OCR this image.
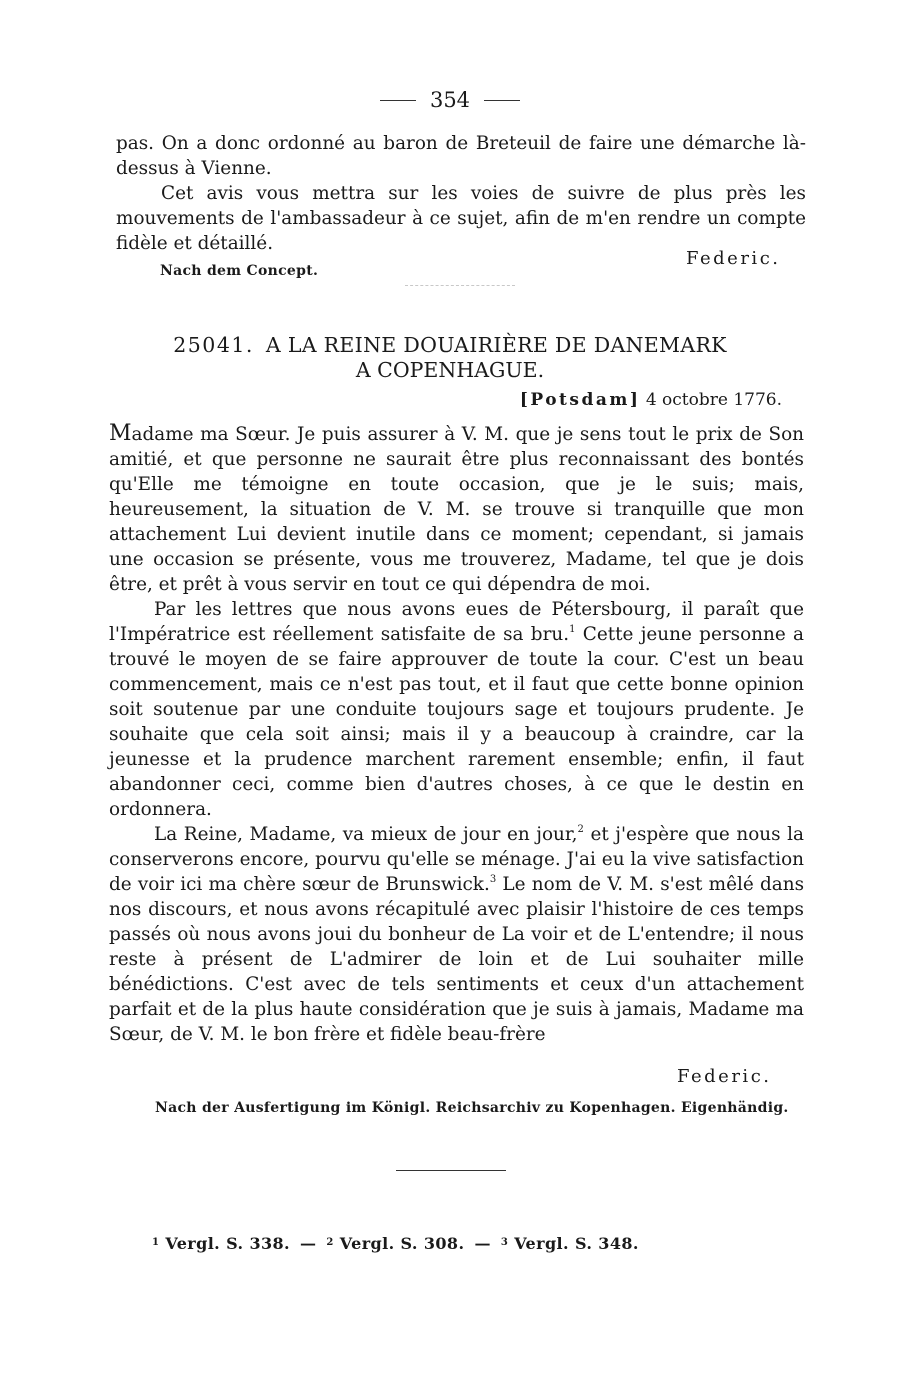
354

pas. On a donc ordonné au baron de Breteuil de faire une démarche là-dessus à Vienne.

Cet avis vous mettra sur les voies de suivre de plus près les mouvements de l'ambassadeur à ce sujet, afin de m'en rendre un compte fidèle et détaillé.

Federic.
Nach dem Concept.
25041. A LA REINE DOUAIRIÈRE DE DANEMARK
A COPENHAGUE.
[Potsdam] 4 octobre 1776.

Madame ma Sœur. Je puis assurer à V. M. que je sens tout le prix de Son amitié, et que personne ne saurait être plus reconnaissant des bontés qu'Elle me témoigne en toute occasion, que je le suis; mais, heureusement, la situation de V. M. se trouve si tranquille que mon attachement Lui devient inutile dans ce moment; cependant, si jamais une occasion se présente, vous me trouverez, Madame, tel que je dois être, et prêt à vous servir en tout ce qui dépendra de moi.

Par les lettres que nous avons eues de Pétersbourg, il paraît que l'Impératrice est réellement satisfaite de sa bru.$^1$ Cette jeune personne a trouvé le moyen de se faire approuver de toute la cour. C'est un beau commencement, mais ce n'est pas tout, et il faut que cette bonne opinion soit soutenue par une conduite toujours sage et toujours prudente. Je souhaite que cela soit ainsi; mais il y a beaucoup à craindre, car la jeunesse et la prudence marchent rarement ensemble; enfin, il faut abandonner ceci, comme bien d'autres choses, à ce que le destin en ordonnera.

La Reine, Madame, va mieux de jour en jour,$^2$ et j'espère que nous la conserverons encore, pourvu qu'elle se ménage. J'ai eu la vive satisfaction de voir ici ma chère sœur de Brunswick.$^3$ Le nom de V. M. s'est mêlé dans nos discours, et nous avons récapitulé avec plaisir l'histoire de ces temps passés où nous avons joui du bonheur de La voir et de L'entendre; il nous reste à présent de L'admirer de loin et de Lui souhaiter mille bénédictions. C'est avec de tels sentiments et ceux d'un attachement parfait et de la plus haute considération que je suis à jamais, Madame ma Sœur, de V. M. le bon frère et fidèle beau-frère

Federic.
Nach der Ausfertigung im Königl. Reichsarchiv zu Kopenhagen. Eigenhändig.
$^1$ Vergl. S. 338. — $^2$ Vergl. S. 308. — $^3$ Vergl. S. 348.
